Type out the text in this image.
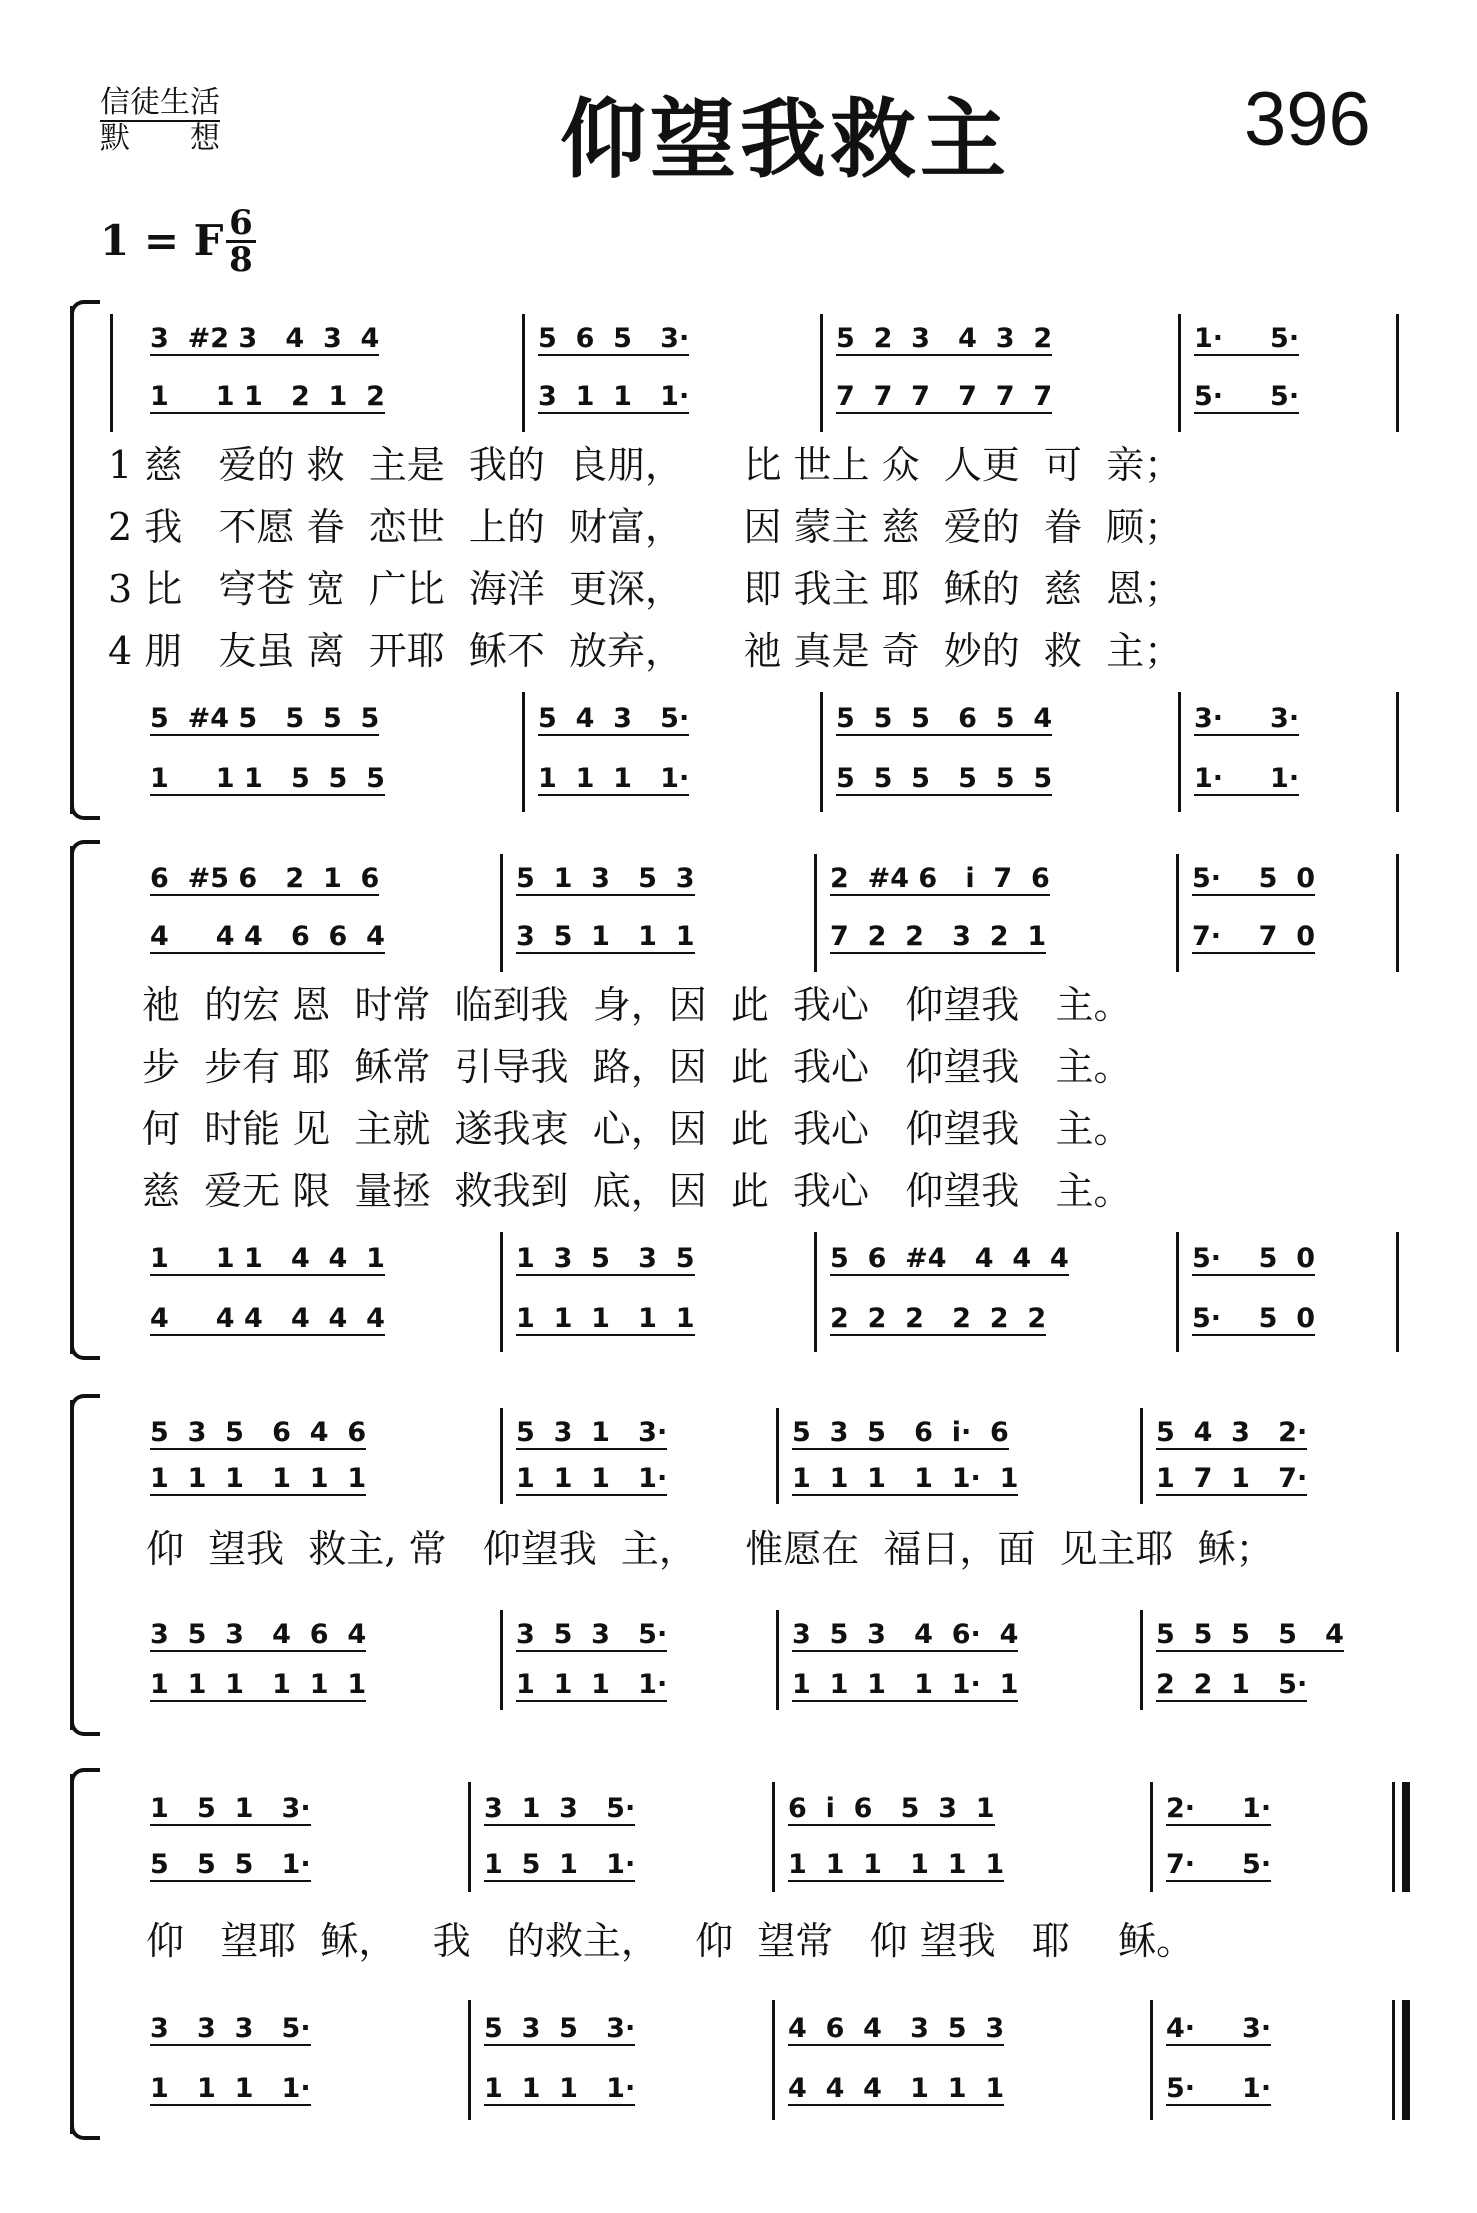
信徒生活
默　　想	仰望我救主	396
1 = F 6
8
3  #2 3   4  3  4	5  6  5   3·	5  2  3   4  3  2	1·     5·
1     1 1   2  1  2	3  1  1   1·	7  7  7   7  7  7	5·     5·
1 慈   爱的 救  主是  我的  良朋，     比 世上 众  人更  可  亲；
2 我   不愿 眷  恋世  上的  财富，     因 蒙主 慈  爱的  眷  顾；
3 比   穹苍 宽  广比  海洋  更深，     即 我主 耶  稣的  慈  恩；
4 朋   友虽 离  开耶  稣不  放弃，     祂 真是 奇  妙的  救  主；
5  #4 5   5  5  5	5  4  3   5·	5  5  5   6  5  4	3·     3·
1     1 1   5  5  5	1  1  1   1·	5  5  5   5  5  5	1·     1·
6  #5 6   2  1  6	5  1  3   5  3	2  #4 6   i  7  6	5·    5  0
4     4 4   6  6  4	3  5  1   1  1	7  2  2   3  2  1	7·    7  0
祂  的宏 恩  时常  临到我  身，因  此  我心   仰望我   主。
步  步有 耶  稣常  引导我  路，因  此  我心   仰望我   主。
何  时能 见  主就  遂我衷  心，因  此  我心   仰望我   主。
慈  爱无 限  量拯  救我到  底，因  此  我心   仰望我   主。
1     1 1   4  4  1	1  3  5   3  5	5  6  #4   4  4  4	5·    5  0
4     4 4   4  4  4	1  1  1   1  1	2  2  2   2  2  2	5·    5  0
5  3  5   6  4  6	5  3  1   3·	5  3  5   6  i·  6	5  4  3   2·
1  1  1   1  1  1	1  1  1   1·	1  1  1   1  1·  1	1  7  1   7·
仰  望我  救主, 常   仰望我  主，    惟愿在  福日，面  见主耶  稣；
3  5  3   4  6  4	3  5  3   5·	3  5  3   4  6·  4	5  5  5   5   4
1  1  1   1  1  1	1  1  1   1·	1  1  1   1  1·  1	2  2  1   5·
1   5  1   3·	3  1  3   5·	6  i  6   5  3  1	2·     1·
5   5  5   1·	1  5  1   1·	1  1  1   1  1  1	7·     5·
仰   望耶  稣，   我   的救主，   仰  望常   仰 望我   耶    稣。
3   3  3   5·	5  3  5   3·	4  6  4   3  5  3	4·     3·
1   1  1   1·	1  1  1   1·	4  4  4   1  1  1	5·     1·
